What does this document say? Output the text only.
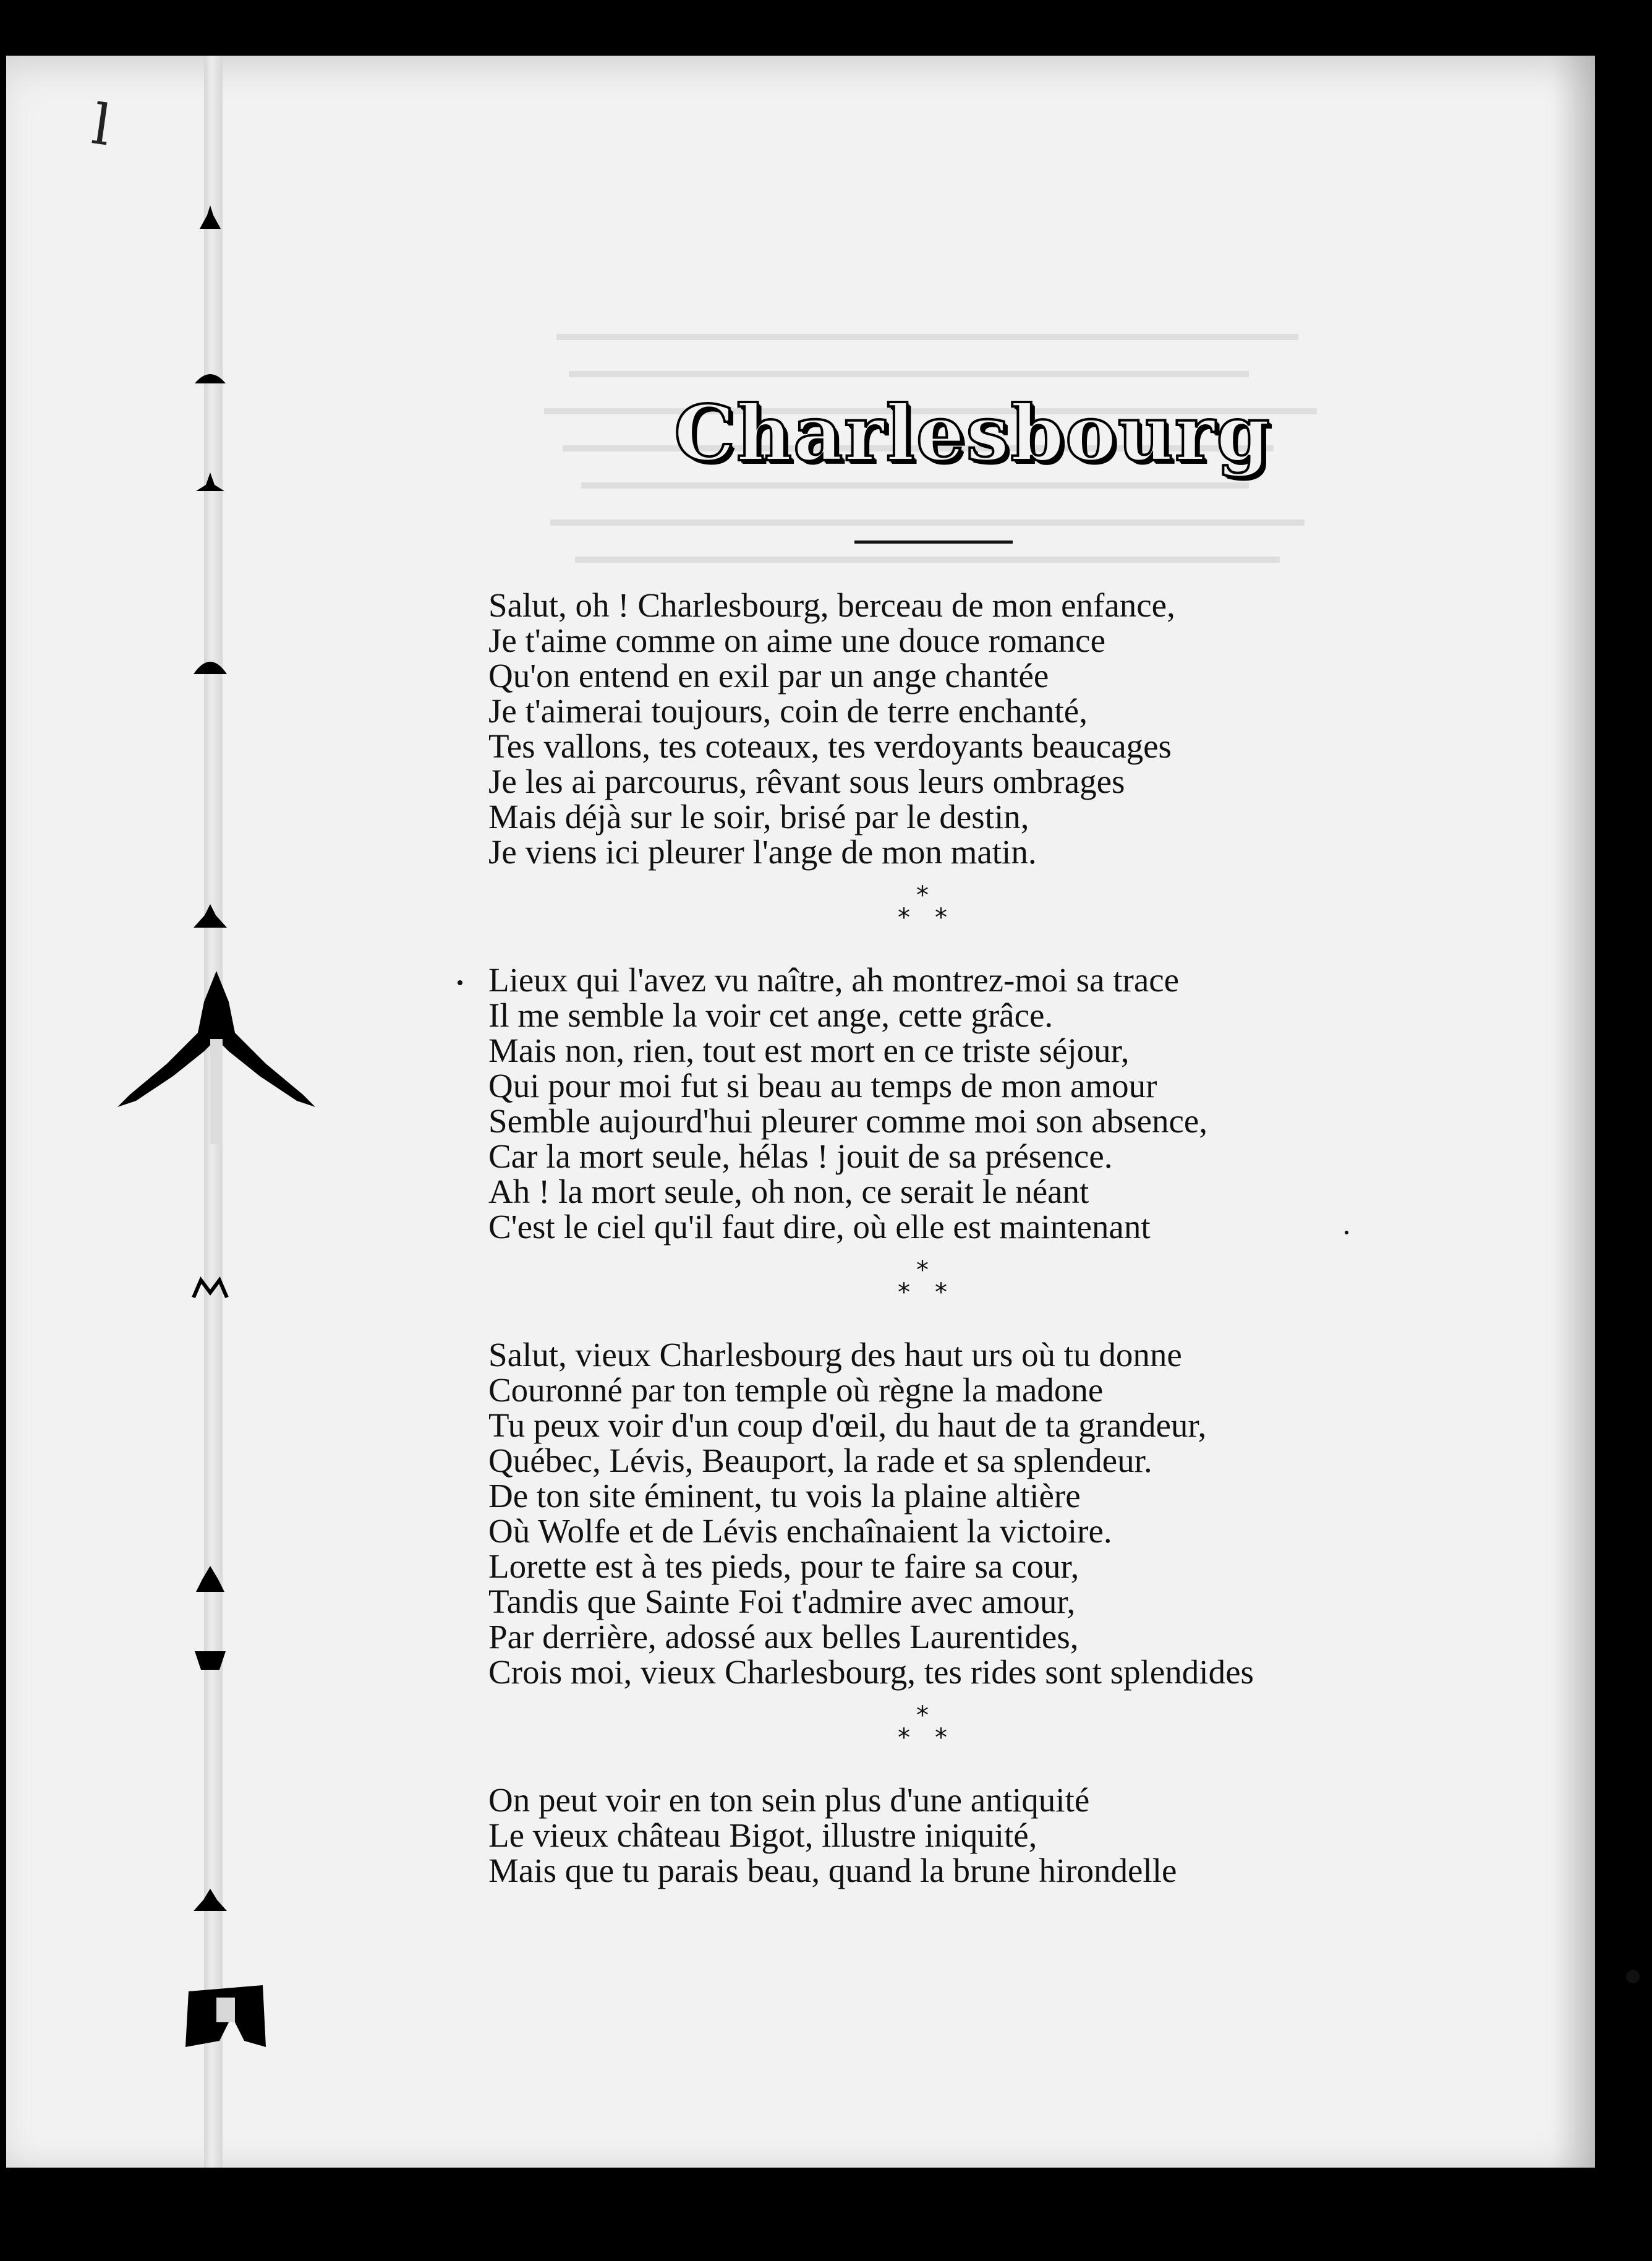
l
Charlesbourg
Salut, oh ! Charlesbourg, berceau de mon enfance,
Je t'aime comme on aime une douce romance
Qu'on entend en exil par un ange chantée
Je t'aimerai toujours, coin de terre enchanté,
Tes vallons, tes coteaux, tes verdoyants beaucages
Je les ai parcourus, rêvant sous leurs ombrages
Mais déjà sur le soir, brisé par le destin,
Je viens ici pleurer l'ange de mon matin.
*
* *
Lieux qui l'avez vu naître, ah montrez-moi sa trace
Il me semble la voir cet ange, cette grâce.
Mais non, rien, tout est mort en ce triste séjour,
Qui pour moi fut si beau au temps de mon amour
Semble aujourd'hui pleurer comme moi son absence,
Car la mort seule, hélas ! jouit de sa présence.
Ah ! la mort seule, oh non, ce serait le néant
C'est le ciel qu'il faut dire, où elle est maintenant
*
* *
Salut, vieux Charlesbourg des haut urs où tu donne
Couronné par ton temple où règne la madone
Tu peux voir d'un coup d'œil, du haut de ta grandeur,
Québec, Lévis, Beauport, la rade et sa splendeur.
De ton site éminent, tu vois la plaine altière
Où Wolfe et de Lévis enchaînaient la victoire.
Lorette est à tes pieds, pour te faire sa cour,
Tandis que Sainte Foi t'admire avec amour,
Par derrière, adossé aux belles Laurentides,
Crois moi, vieux Charlesbourg, tes rides sont splendides
*
* *
On peut voir en ton sein plus d'une antiquité
Le vieux château Bigot, illustre iniquité,
Mais que tu parais beau, quand la brune hirondelle
